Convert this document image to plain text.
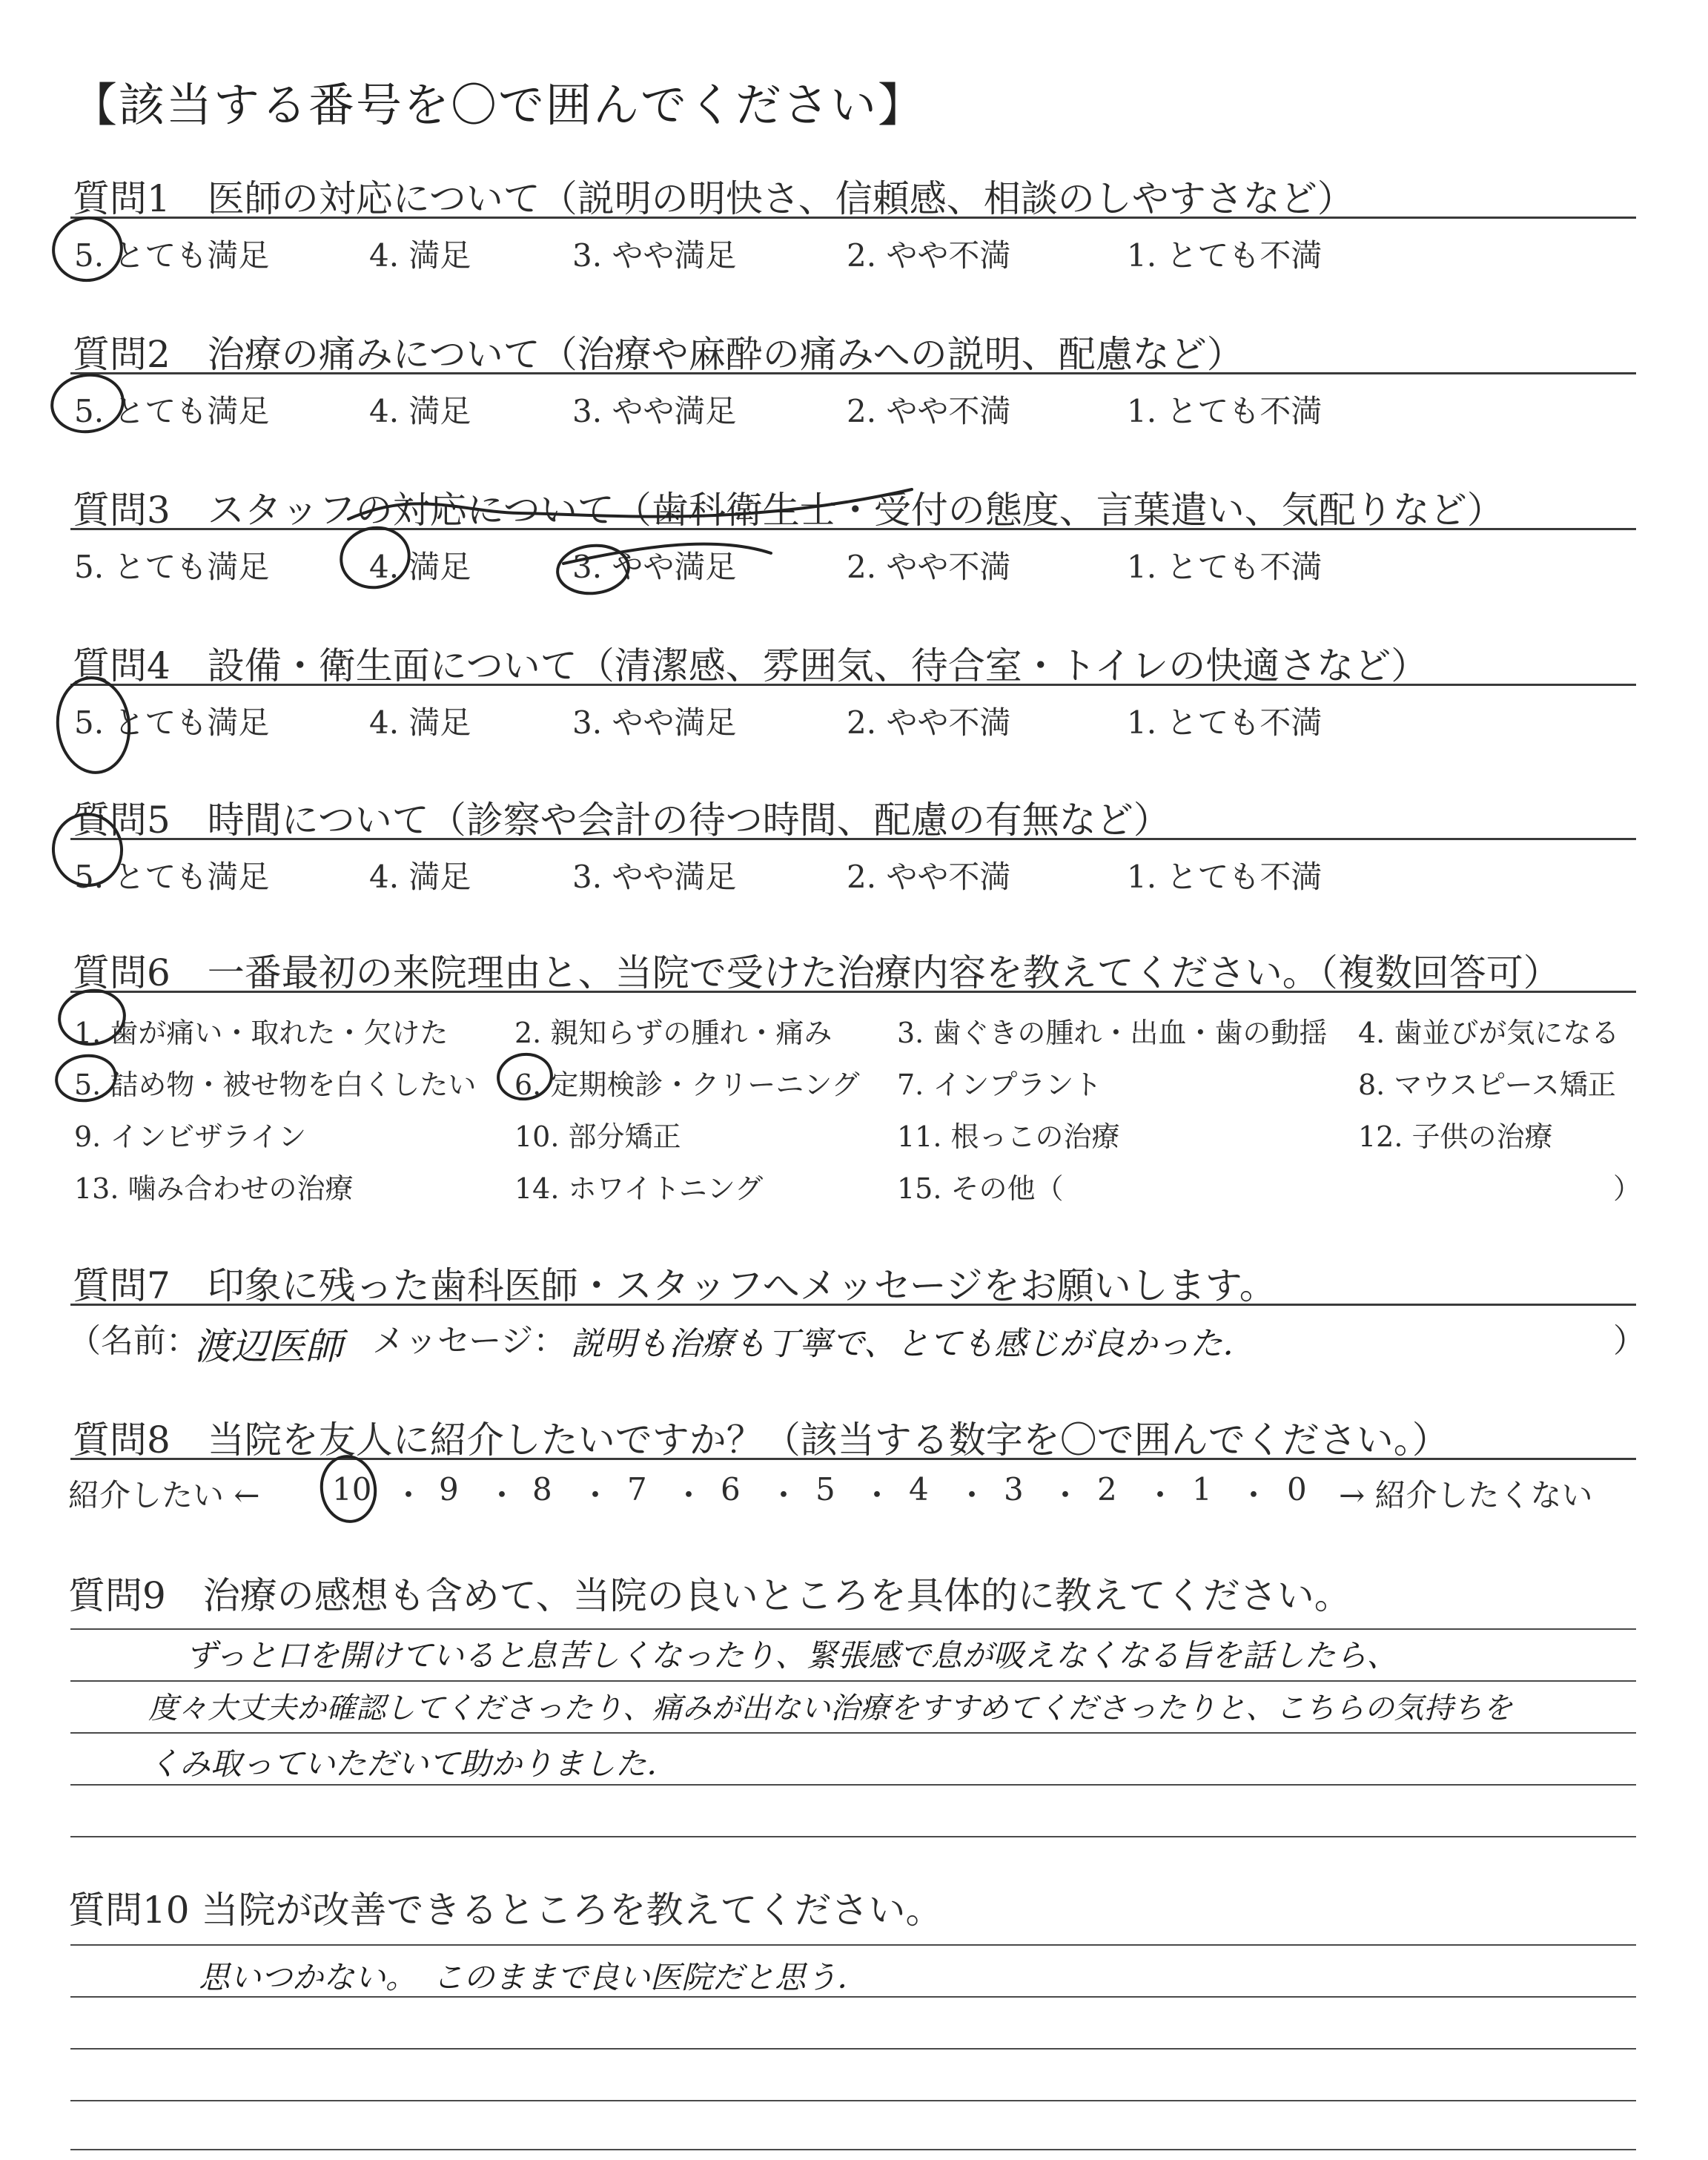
【該当する番号を〇で囲んでください】
質問1　医師の対応について（説明の明快さ、信頼感、相談のしやすさなど）
5. とても満足	4. 満足	3. やや満足	2. やや不満	1. とても不満
質問2　治療の痛みについて（治療や麻酔の痛みへの説明、配慮など）
5. とても満足	4. 満足	3. やや満足	2. やや不満	1. とても不満
質問3　スタッフの対応について（歯科衛生士・受付の態度、言葉遣い、気配りなど）
5. とても満足	4. 満足	3. やや満足	2. やや不満	1. とても不満
質問4　設備・衛生面について（清潔感、雰囲気、待合室・トイレの快適さなど）
5. とても満足	4. 満足	3. やや満足	2. やや不満	1. とても不満
質問5　時間について（診察や会計の待つ時間、配慮の有無など）
5. とても満足	4. 満足	3. やや満足	2. やや不満	1. とても不満
質問6　一番最初の来院理由と、当院で受けた治療内容を教えてください。（複数回答可）
1. 歯が痛い・取れた・欠けた 2. 親知らずの腫れ・痛み 3. 歯ぐきの腫れ・出血・歯の動揺 4. 歯並びが気になる
5. 詰め物・被せ物を白くしたい 6. 定期検診・クリーニング 7. インプラント	8. マウスピース矯正
9. インビザライン	10. 部分矯正	11. 根っこの治療	12. 子供の治療
13. 噛み合わせの治療	14. ホワイトニング	15. その他（	）
質問7　印象に残った歯科医師・スタッフへメッセージをお願いします。
（名前：
渡辺医師 メッセージ： 説明も治療も丁寧で、とても感じが良かった．	）
質問8　当院を友人に紹介したいですか？（該当する数字を〇で囲んでください。）
紹介したい ← 10 ・ 9 ・ 8 ・ 7 ・ 6 ・ 5 ・ 4 ・ 3 ・ 2 ・ 1 ・ 0 → 紹介したくない
質問9　治療の感想も含めて、当院の良いところを具体的に教えてください。
ずっと口を開けていると息苦しくなったり、緊張感で息が吸えなくなる旨を話したら、
度々大丈夫か確認してくださったり、痛みが出ない治療をすすめてくださったりと、こちらの気持ちを
くみ取っていただいて助かりました．
質問10 当院が改善できるところを教えてください。
思いつかない。　このままで良い医院だと思う．
